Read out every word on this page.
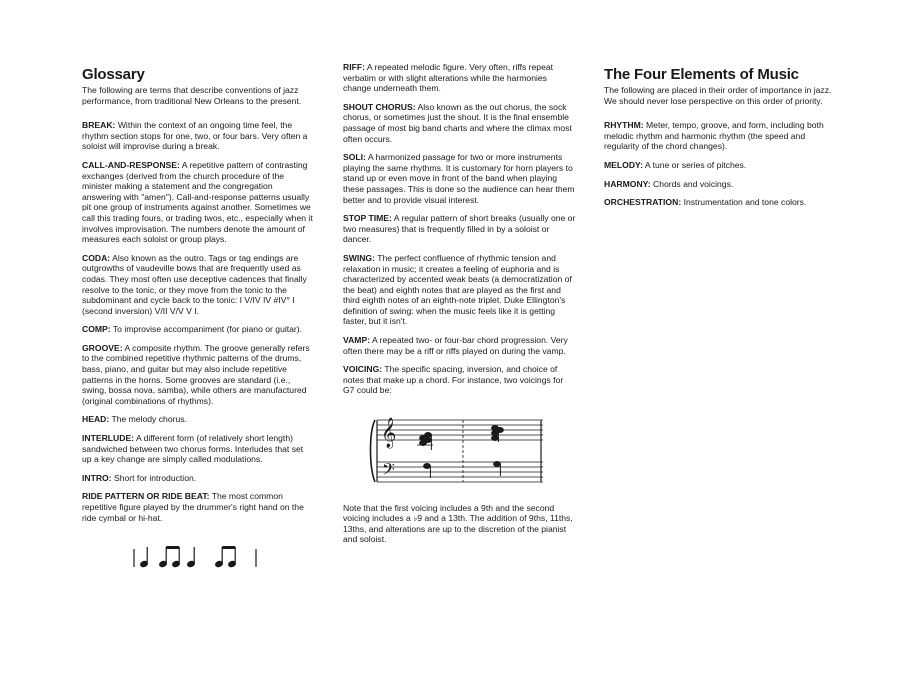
Glossary

The following are terms that describe conventions of jazz performance, from traditional New Orleans to the present.

BREAK: Within the context of an ongoing time feel, the rhythm section stops for one, two, or four bars. Very often a soloist will improvise during a break.

CALL-AND-RESPONSE: A repetitive pattern of contrasting exchanges (derived from the church procedure of the minister making a statement and the congregation answering with "amen"). Call-and-response patterns usually pit one group of instruments against another. Sometimes we call this trading fours, or trading twos, etc., especially when it involves improvisation. The numbers denote the amount of measures each soloist or group plays.

CODA: Also known as the outro. Tags or tag endings are outgrowths of vaudeville bows that are frequently used as codas. They most often use deceptive cadences that finally resolve to the tonic, or they move from the tonic to the subdominant and cycle back to the tonic: I V/IV IV #IV° I (second inversion) V/II V/V V I.

COMP: To improvise accompaniment (for piano or guitar).

GROOVE: A composite rhythm. The groove generally refers to the combined repetitive rhythmic patterns of the drums, bass, piano, and guitar but may also include repetitive patterns in the horns. Some grooves are standard (i.e., swing, bossa nova, samba), while others are manufactured (original combinations of rhythms).

HEAD: The melody chorus.

INTERLUDE: A different form (of relatively short length) sandwiched between two chorus forms. Interludes that set up a key change are simply called modulations.

INTRO: Short for introduction.

RIDE PATTERN OR RIDE BEAT: The most common repetitive figure played by the drummer's right hand on the ride cymbal or hi-hat.

RIFF: A repeated melodic figure. Very often, riffs repeat verbatim or with slight alterations while the harmonies change underneath them.

SHOUT CHORUS: Also known as the out chorus, the sock chorus, or sometimes just the shout. It is the final ensemble passage of most big band charts and where the climax most often occurs.

SOLI: A harmonized passage for two or more instruments playing the same rhythms. It is customary for horn players to stand up or even move in front of the band when playing these passages. This is done so the audience can hear them better and to provide visual interest.

STOP TIME: A regular pattern of short breaks (usually one or two measures) that is frequently filled in by a soloist or dancer.

SWING: The perfect confluence of rhythmic tension and relaxation in music; it creates a feeling of euphoria and is characterized by accented weak beats (a democratization of the beat) and eighth notes that are played as the first and third eighth notes of an eighth-note triplet. Duke Ellington's definition of swing: when the music feels like it is getting faster, but it isn't.

VAMP: A repeated two- or four-bar chord progression. Very often there may be a riff or riffs played on during the vamp.

VOICING: The specific spacing, inversion, and choice of notes that make up a chord. For instance, two voicings for G7 could be:

𝄞
𝄢

Note that the first voicing includes a 9th and the second voicing includes a ♭9 and a 13th. The addition of 9ths, 11ths, 13ths, and alterations are up to the discretion of the pianist and soloist.

The Four Elements of Music

The following are placed in their order of importance in jazz. We should never lose perspective on this order of priority.

RHYTHM: Meter, tempo, groove, and form, including both melodic rhythm and harmonic rhythm (the speed and regularity of the chord changes).

MELODY: A tune or series of pitches.

HARMONY: Chords and voicings.

ORCHESTRATION: Instrumentation and tone colors.
